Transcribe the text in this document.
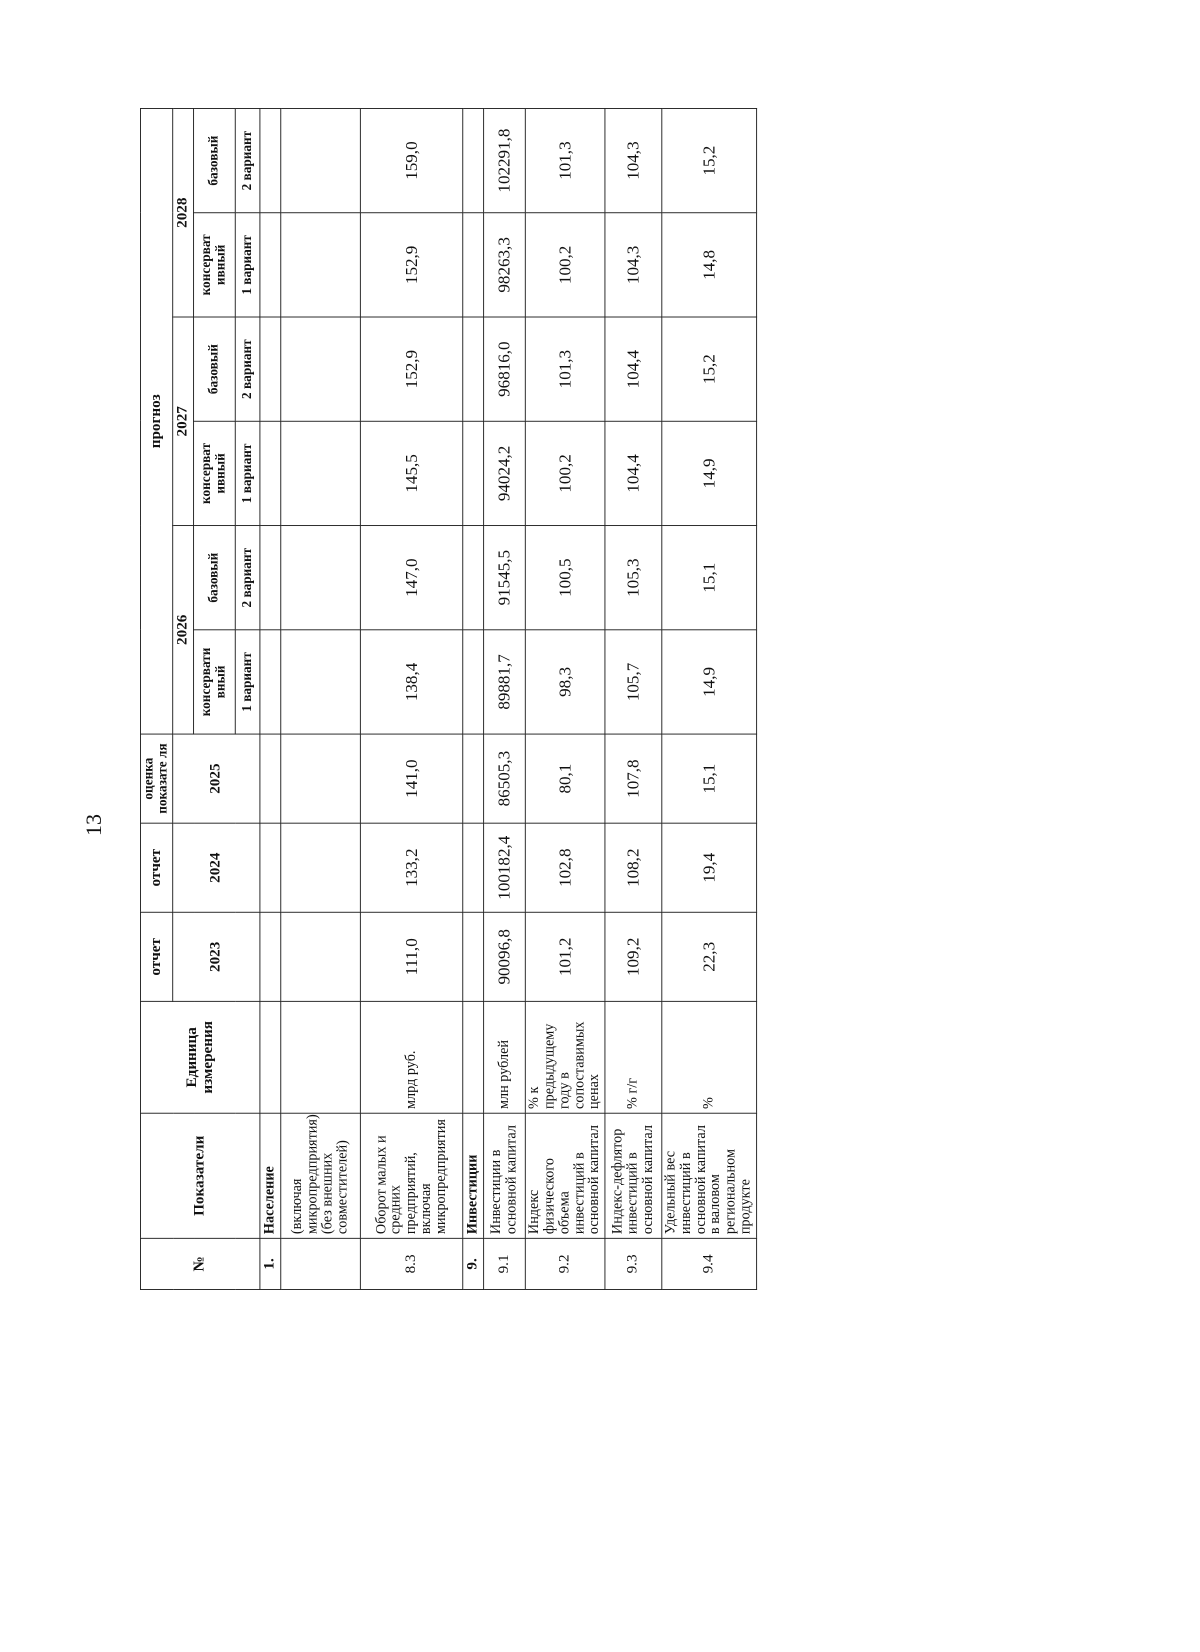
13
№	Показатели	Единица измерения	отчет	отчет	оценка показате ля	прогноз					
			2023	2024	2025	2026		2027		2028	
						консервати вный	базовый	консерват ивный	базовый	консерват ивный	базовый
						1 вариант	2 вариант	1 вариант	2 вариант	1 вариант	2 вариант
1.	Население										
	(включая микропредприятия) (без внешних совместителей)										
8.3	Оборот малых и средних предприятий, включая микропредприятия	млрд руб.	111,0	133,2	141,0	138,4	147,0	145,5	152,9	152,9	159,0
9.	Инвестиции										
9.1	Инвестиции в основной капитал	млн рублей	90096,8	100182,4	86505,3	89881,7	91545,5	94024,2	96816,0	98263,3	102291,8
9.2	Индекс физического объема инвестиций в основной капитал	% к предыдущему году в сопоставимых ценах	101,2	102,8	80,1	98,3	100,5	100,2	101,3	100,2	101,3
9.3	Индекс-дефлятор инвестиций в основной капитал	% г/г	109,2	108,2	107,8	105,7	105,3	104,4	104,4	104,3	104,3
9.4	Удельный вес инвестиций в основной капитал в валовом региональном продукте	%	22,3	19,4	15,1	14,9	15,1	14,9	15,2	14,8	15,2
